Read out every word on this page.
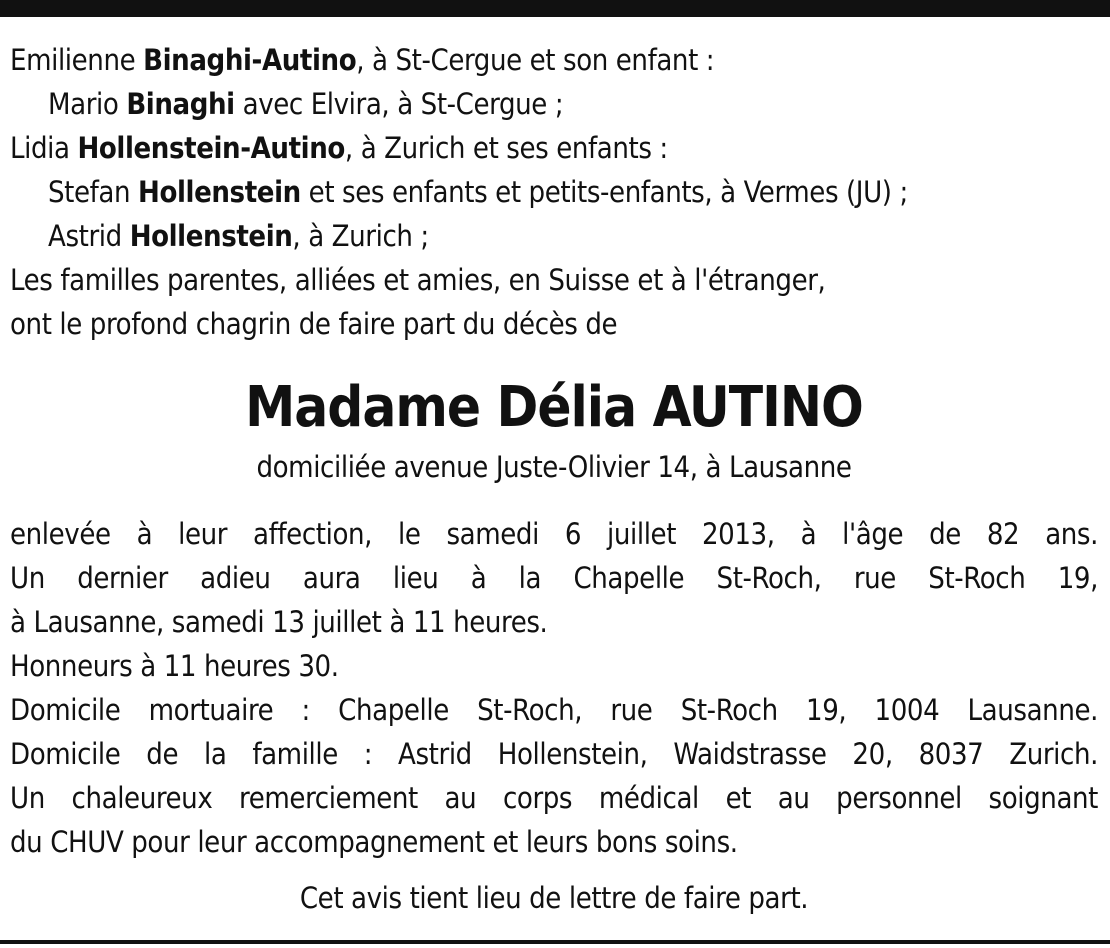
Emilienne Binaghi-Autino, à St-Cergue et son enfant :
Mario Binaghi avec Elvira, à St-Cergue ;
Lidia Hollenstein-Autino, à Zurich et ses enfants :
Stefan Hollenstein et ses enfants et petits-enfants, à Vermes (JU) ;
Astrid Hollenstein, à Zurich ;
Les familles parentes, alliées et amies, en Suisse et à l'étranger,
ont le profond chagrin de faire part du décès de
Madame Délia AUTINO
domiciliée avenue Juste-Olivier 14, à Lausanne
enlevée à leur affection, le samedi 6 juillet 2013, à l'âge de 82 ans.
Un dernier adieu aura lieu à la Chapelle St-Roch, rue St-Roch 19,
à Lausanne, samedi 13 juillet à 11 heures.
Honneurs à 11 heures 30.
Domicile mortuaire : Chapelle St-Roch, rue St-Roch 19, 1004 Lausanne.
Domicile de la famille : Astrid Hollenstein, Waidstrasse 20, 8037 Zurich.
Un chaleureux remerciement au corps médical et au personnel soignant
du CHUV pour leur accompagnement et leurs bons soins.
Cet avis tient lieu de lettre de faire part.
